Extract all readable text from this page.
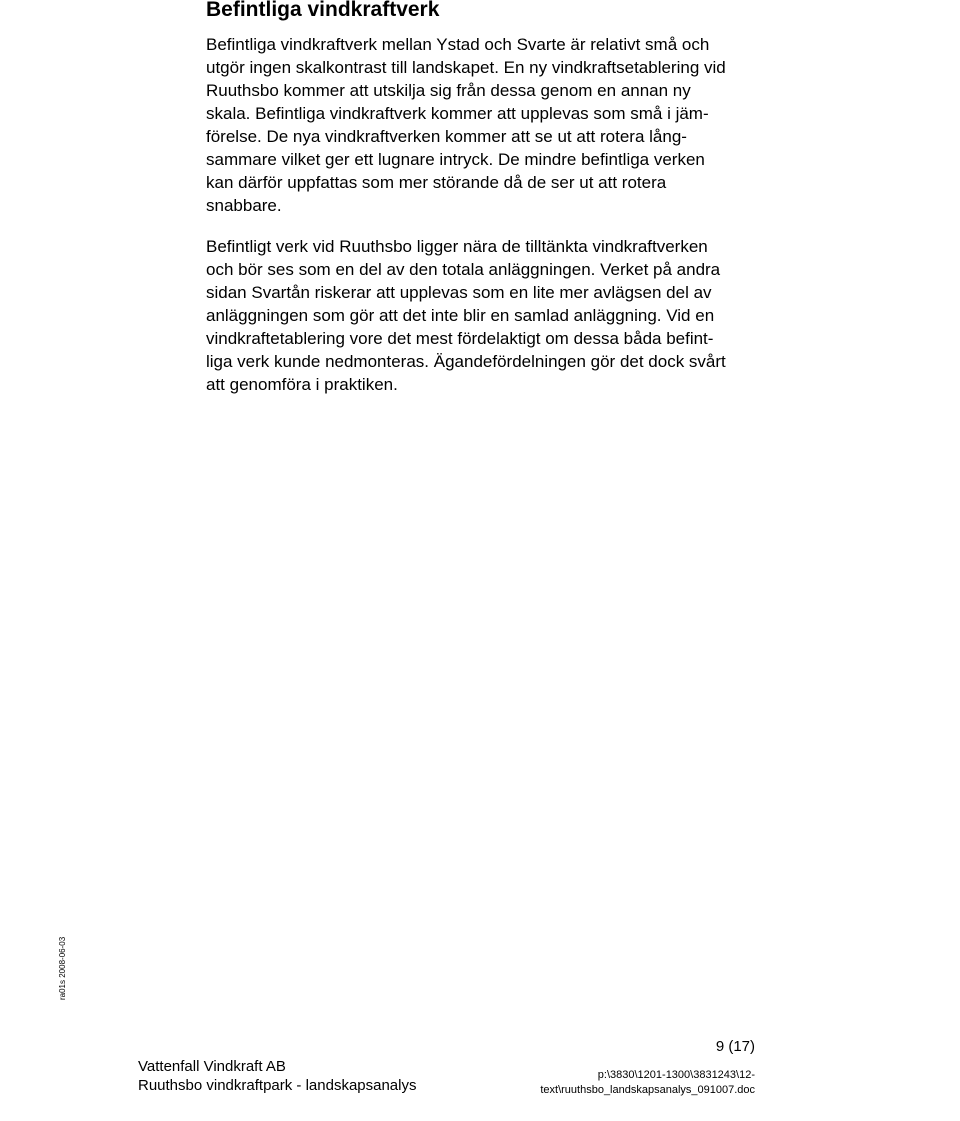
Befintliga vindkraftverk

Befintliga vindkraftverk mellan Ystad och Svarte är relativt små och
utgör ingen skalkontrast till landskapet. En ny vindkraftsetablering vid
Ruuthsbo kommer att utskilja sig från dessa genom en annan ny
skala. Befintliga vindkraftverk kommer att upplevas som små i jäm-
förelse. De nya vindkraftverken kommer att se ut att rotera lång-
sammare vilket ger ett lugnare intryck. De mindre befintliga verken
kan därför uppfattas som mer störande då de ser ut att rotera
snabbare.

Befintligt verk vid Ruuthsbo ligger nära de tilltänkta vindkraftverken
och bör ses som en del av den totala anläggningen. Verket på andra
sidan Svartån riskerar att upplevas som en lite mer avlägsen del av
anläggningen som gör att det inte blir en samlad anläggning. Vid en
vindkraftetablering vore det mest fördelaktigt om dessa båda befint-
liga verk kunde nedmonteras. Ägandefördelningen gör det dock svårt
att genomföra i praktiken.

ra01s 2008-06-03
9 (17)
Vattenfall Vindkraft AB
Ruuthsbo vindkraftpark - landskapsanalys
p:\3830\1201-1300\3831243\12-
text\ruuthsbo_landskapsanalys_091007.doc
